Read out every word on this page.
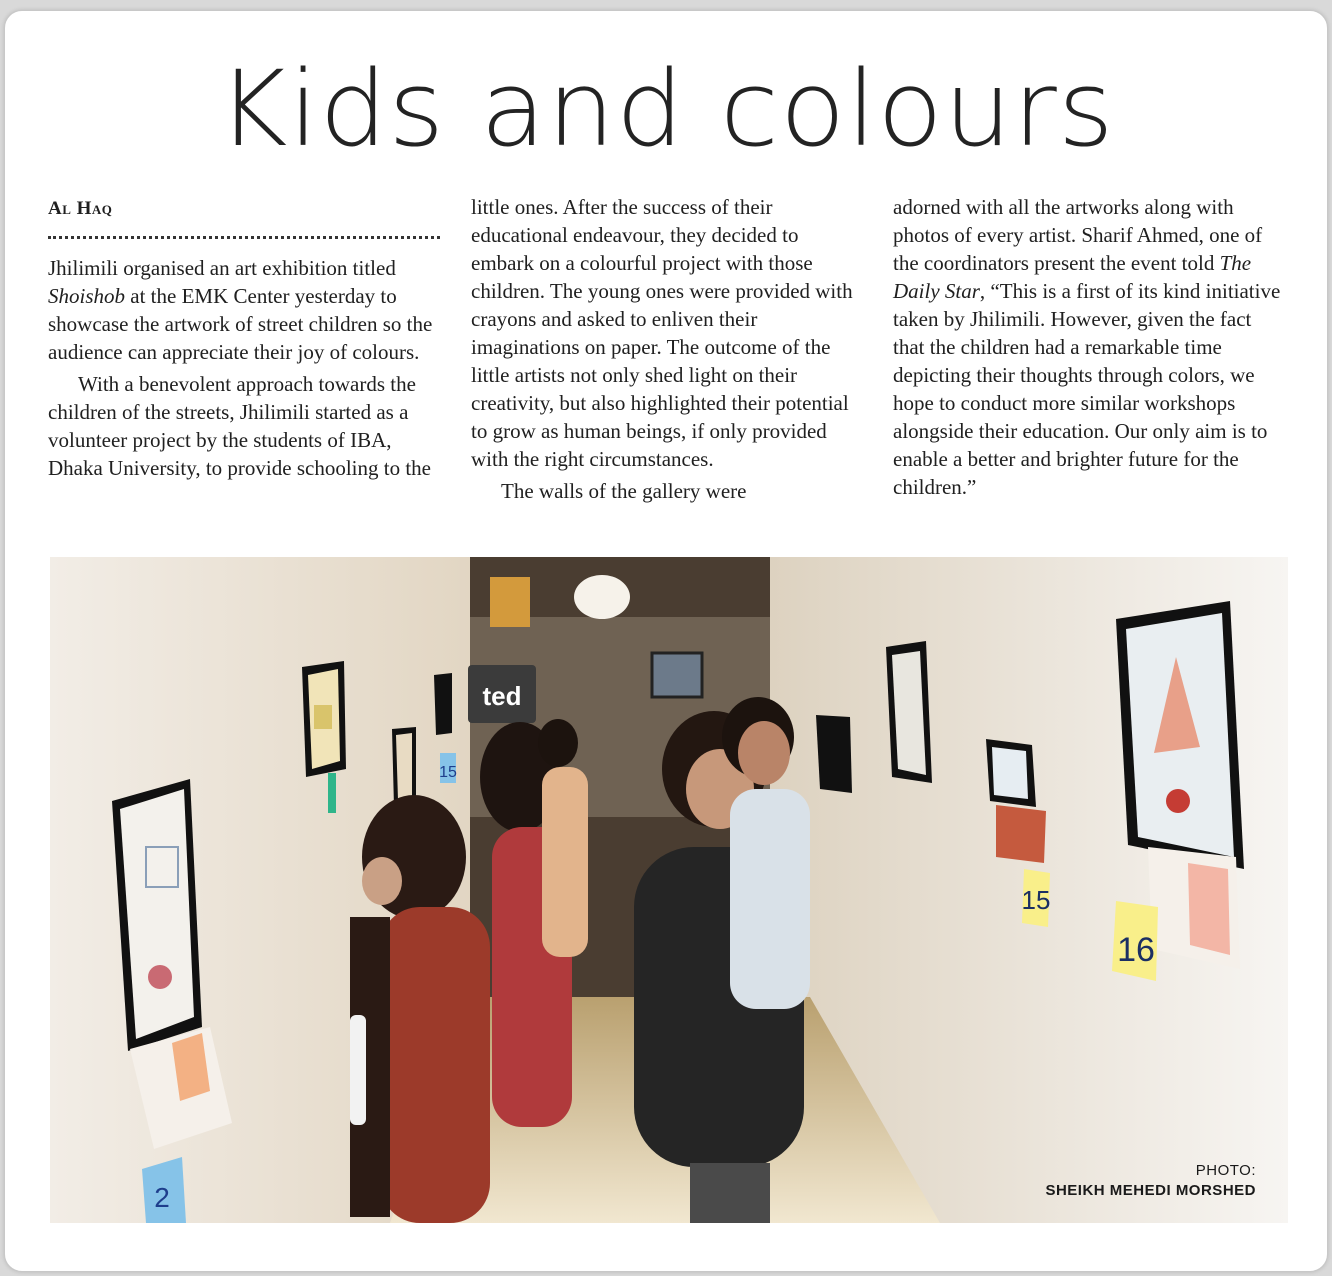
Kids and colours
Al Haq

Jhilimili organised an art exhibition titled Shoishob at the EMK Center yesterday to showcase the artwork of street children so the audience can appreciate their joy of colours.

With a benevolent approach towards the children of the streets, Jhilimili started as a volunteer project by the students of IBA, Dhaka University, to provide schooling to the

little ones. After the success of their educational endeavour, they decided to embark on a colourful project with those children. The young ones were provided with crayons and asked to enliven their imaginations on paper. The outcome of the little artists not only shed light on their creativity, but also highlighted their potential to grow as human beings, if only provided with the right circumstances.

The walls of the gallery were

adorned with all the artworks along with photos of every artist. Sharif Ahmed, one of the coordinators present the event told The Daily Star, “This is a first of its kind initiative taken by Jhilimili. However, given the fact that the children had a remarkable time depicting their thoughts through colors, we hope to conduct more similar workshops alongside their education. Our only aim is to enable a better and brighter future for the children.”

ted
2
16
15
15
PHOTO:
SHEIKH MEHEDI MORSHED
